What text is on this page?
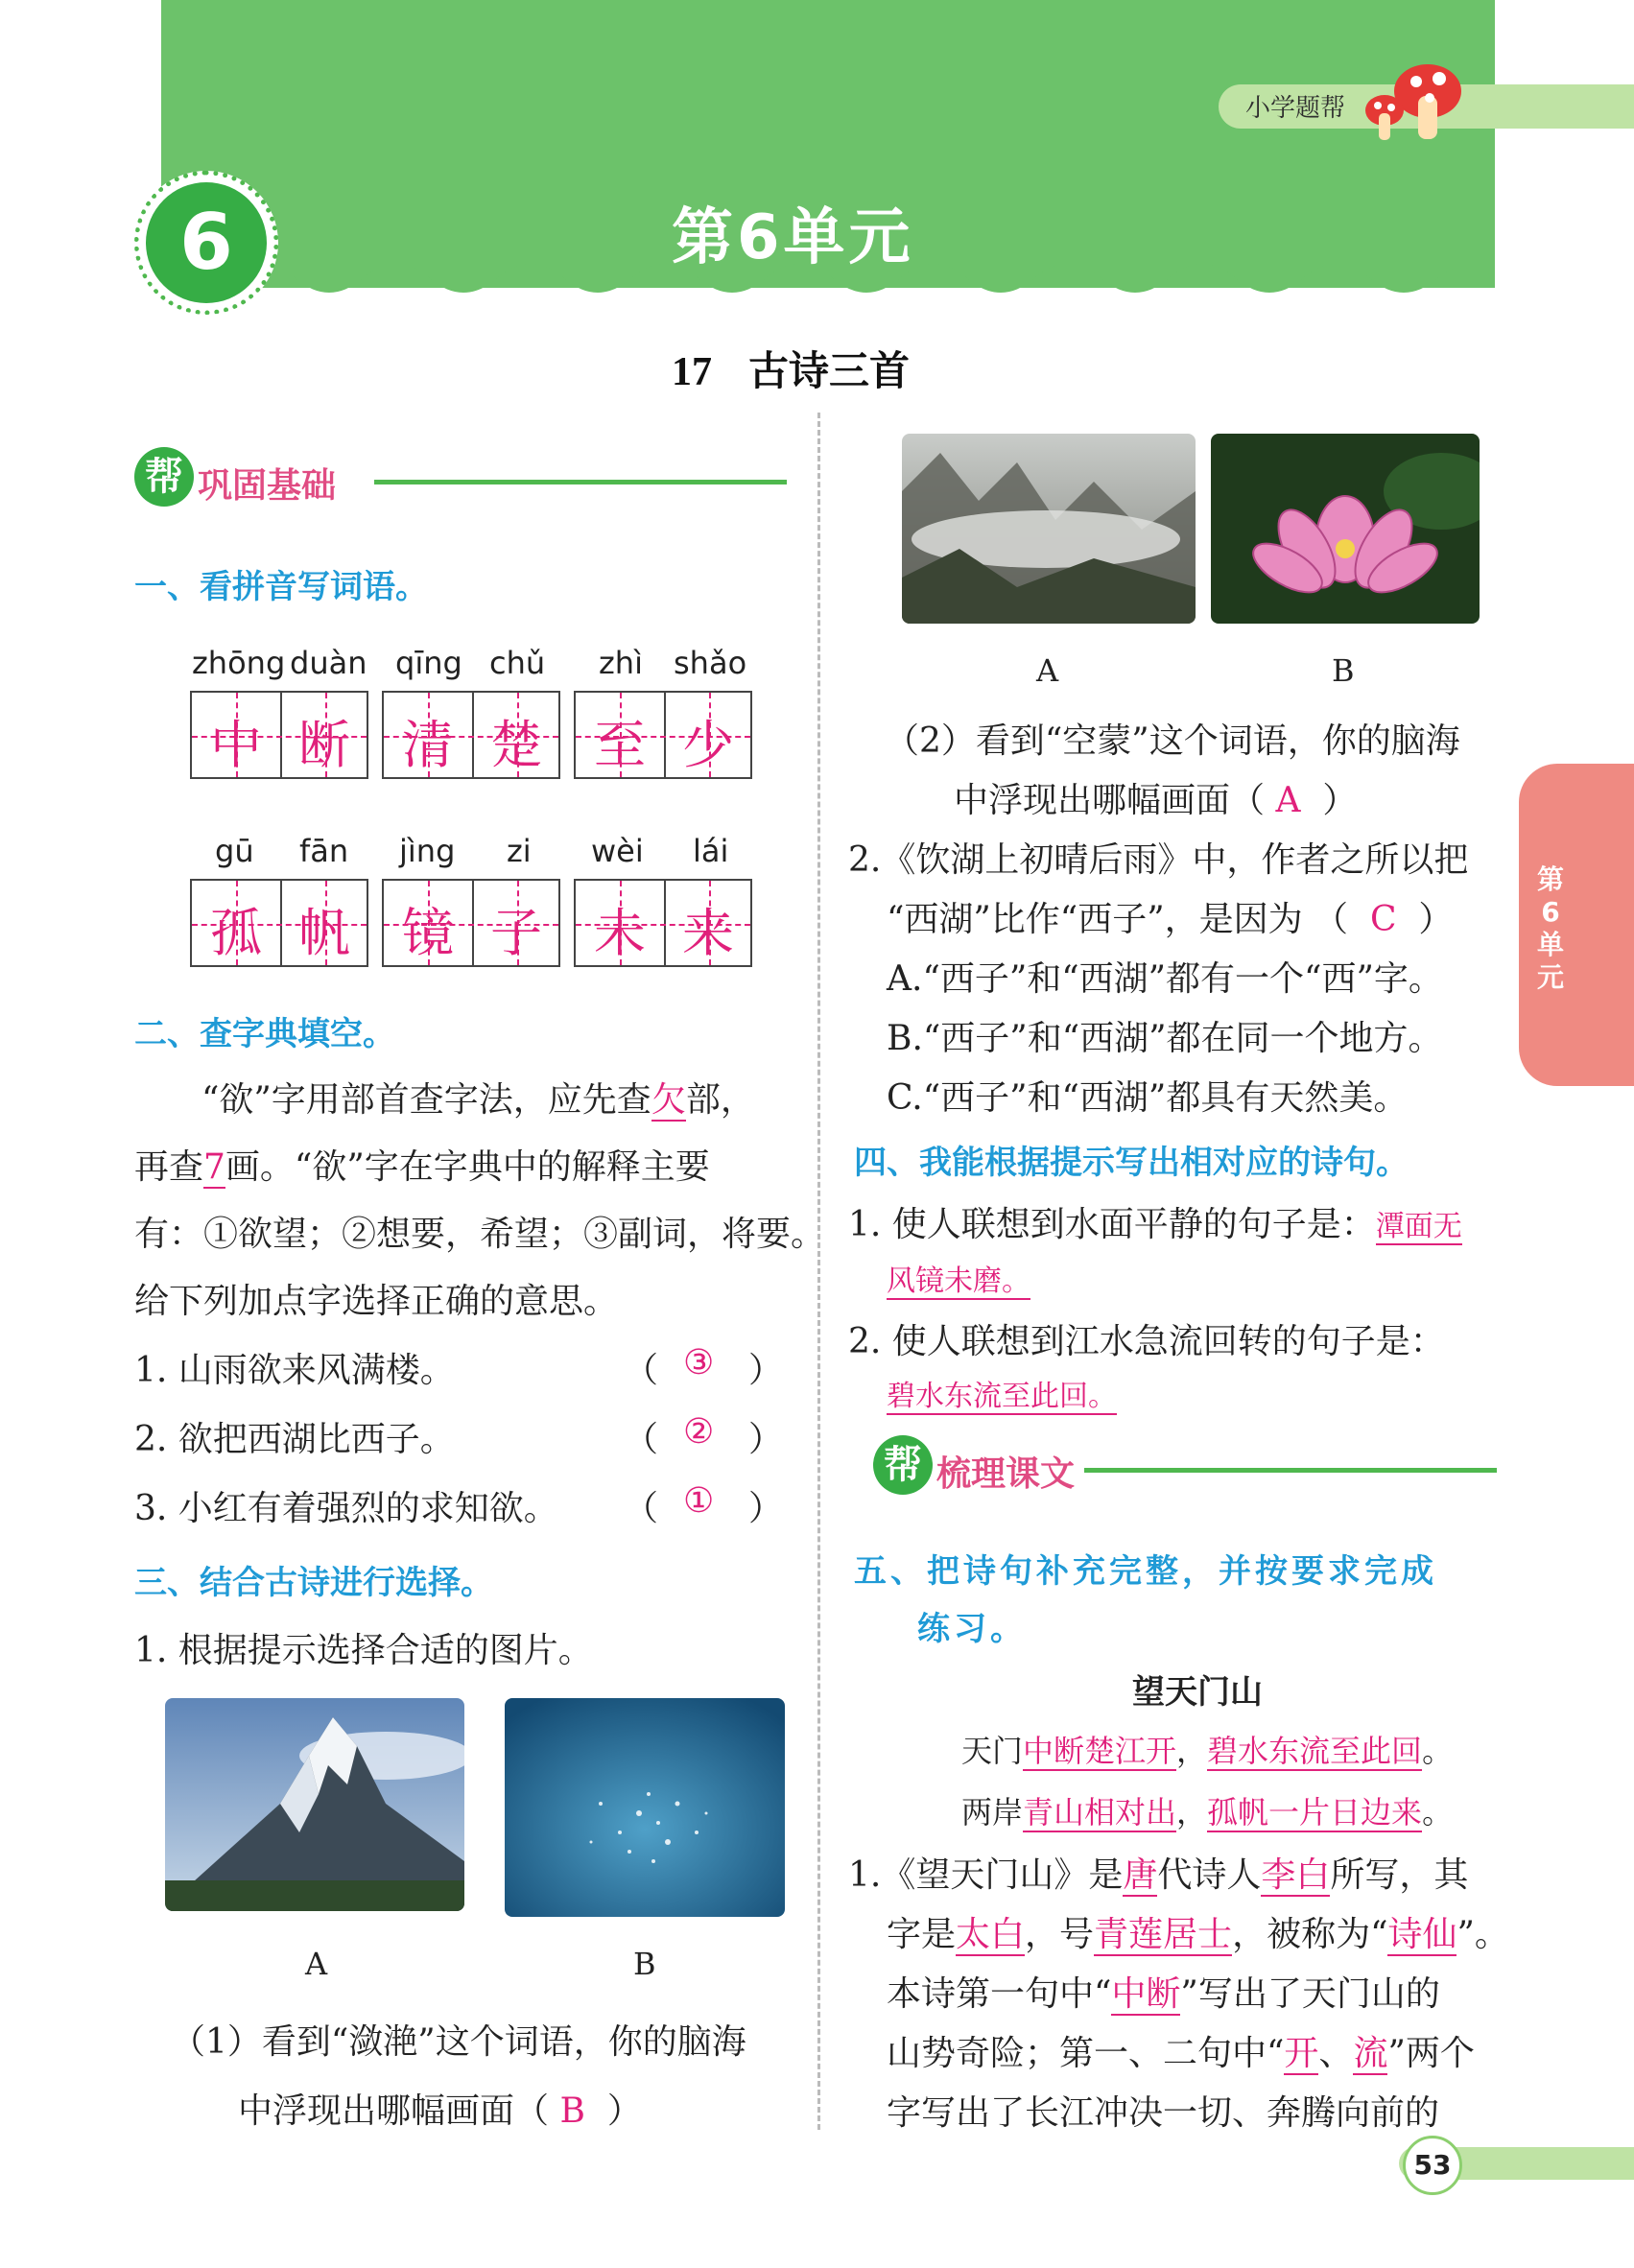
小学题帮
6	第6单元
17 古诗三首
第6单元
帮 巩固基础
一、看拼音写词语。
zhōng duàn qīng chǔ zhì shǎo
中 断	清 楚	至 少
gū fān jìng zi wèi lái
孤 帆	镜 子	未 来
二、查字典填空。
“欲”字用部首查字法，应先查欠部，
再查7画。“欲”字在字典中的解释主要
有：①欲望；②想要，希望；③副词，将要。
给下列加点字选择正确的意思。
1. 山雨欲来风满楼。	（ ③ ）
2. 欲把西湖比西子。	（ ② ）
3. 小红有着强烈的求知欲。 （ ① ）
三、结合古诗进行选择。
1. 根据提示选择合适的图片。
A	B
（1）看到“潋滟”这个词语，你的脑海
中浮现出哪幅画面（ B ）
A	B
（2）看到“空蒙”这个词语，你的脑海
中浮现出哪幅画面（ A ）
2.《饮湖上初晴后雨》中，作者之所以把
“西湖”比作“西子”，是因为 （ C ）
A.“西子”和“西湖”都有一个“西”字。
B.“西子”和“西湖”都在同一个地方。
C.“西子”和“西湖”都具有天然美。
四、我能根据提示写出相对应的诗句。
1. 使人联想到水面平静的句子是：潭面无
风镜未磨。
2. 使人联想到江水急流回转的句子是：
碧水东流至此回。
帮 梳理课文
五、把诗句补充完整，并按要求完成
练习。
望天门山
天门中断楚江开，碧水东流至此回。
两岸青山相对出，孤帆一片日边来。
1.《望天门山》是唐代诗人李白所写，其
字是太白，号青莲居士，被称为“诗仙”。
本诗第一句中“中断”写出了天门山的
山势奇险；第一、二句中“开、流”两个
字写出了长江冲决一切、奔腾向前的
53
